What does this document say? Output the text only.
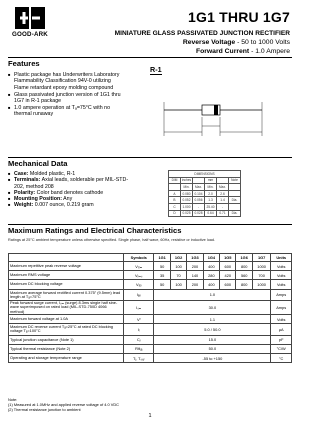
GOOD-ARK
1G1 THRU 1G7
MINIATURE GLASS PASSIVATED JUNCTION RECTIFIER
Reverse Voltage - 50 to 1000 Volts
Forward Current - 1.0 Ampere
Features
■ Plastic package has Underwriters Laboratory Flammability Classification 94V-0 utilizing Flame retardant epoxy molding compound
■ Glass passivated junction version of 1G1 thru 1G7 in R-1 package
■ 1.0 ampere operation at Tₐ=75°C with no thermal runaway
R-1
Mechanical Data
■ Case: Molded plastic, R-1
■ Terminals: Axial leads, solderable per MIL-STD-202, method 208
■ Polarity: Color band denotes cathode
■ Mounting Position: Any
■ Weight: 0.007 ounce, 0.219 gram
DIMENSIONS					
DIM	inches		mm		Note
	Min.	Max.	Min.	Max.	
A	0.080	0.104	2.0	2.6	
B	0.052	0.056	1.3	1.4	Dia.
C	1.000	-	25.40	-	
D	0.025	0.028	0.64	0.71	Dia.
Maximum Ratings and Electrical Characteristics
Ratings at 25°C ambient temperature unless otherwise specified. Single phase, half wave, 60Hz, resistive or inductive load.
	Symbols	1G1	1G2	1G3	1G4	1G5	1G6	1G7	Units
Maximum repetitive peak reverse voltage	Vᵣᵣₘ	50	100	200	400	600	800	1000	Volts
Maximum RMS voltage	Vᵣₘₛ	35	70	140	280	420	560	700	Volts
Maximum DC blocking voltage	Vₔₒ	50	100	200	400	600	800	1000	Volts
Maximum average forward rectified current 0.375" (9.5mm) lead length at Tₐ=75°C	Iₐᵥ	1.0							Amps
Peak forward surge current, Iₛₘ (surge) 8.3ms single half sine-wave superimposed on rated load (MIL-STD-750D 4066 method)	Iₛₘ	30.0							Amps
Maximum forward voltage at 1.0A	Vᶠ	1.1							Volts
Maximum DC reverse current Tₐ=25°C at rated DC blocking voltage Tₐ=100°C	Iᵣ	5.0 / 50.0							µA
Typical junction capacitance (Note 1)	Cⱼ	15.0							pF
Typical thermal resistance (Note 2)	Rθⱼₐ	50.0							°C/W
Operating and storage temperature range	Tⱼ, Tₛₜᵧ	-55 to +150							°C
Note:
(1) Measured at 1.0MHz and applied reverse voltage of 4.0 VDC
(2) Thermal resistance junction to ambient
1
